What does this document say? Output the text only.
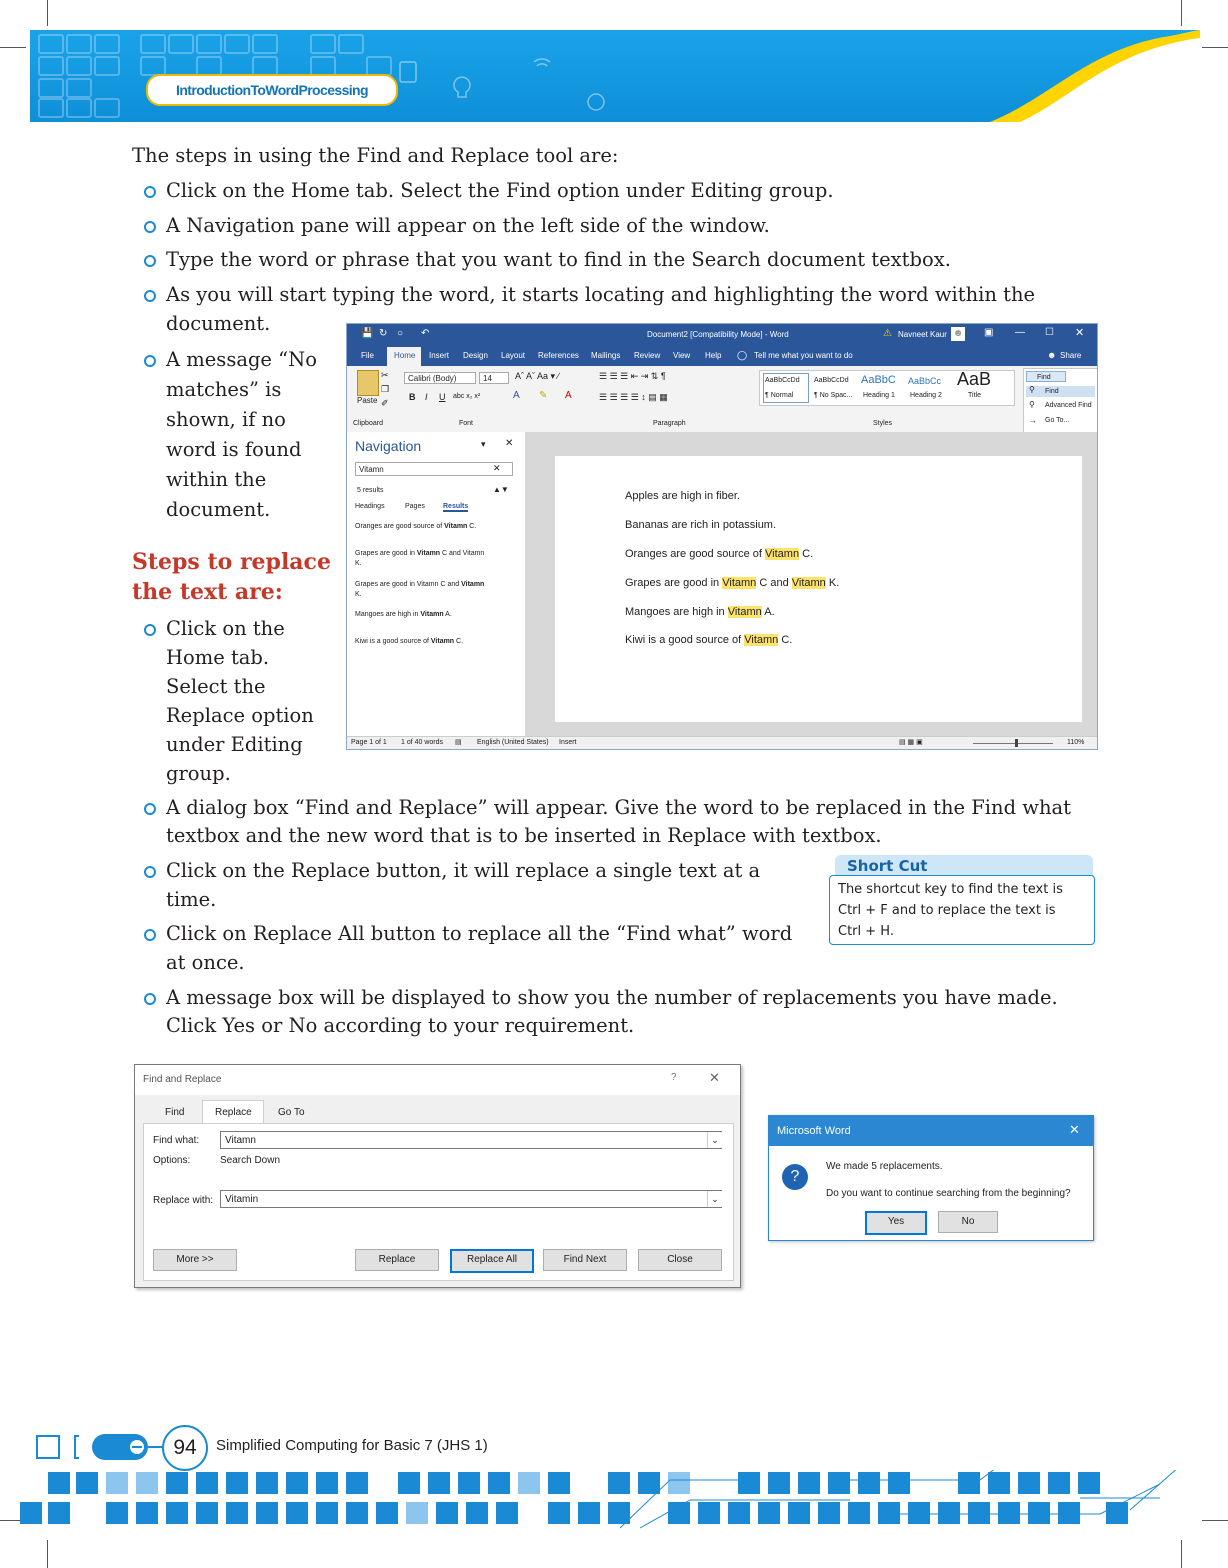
IntroductionToWordProcessing
The steps in using the Find and Replace tool are:
Click on the Home tab. Select the Find option under Editing group.
A Navigation pane will appear on the left side of the window.
Type the word or phrase that you want to find in the Search document textbox.
As you will start typing the word, it starts locating and highlighting the word within the
document.
A message “No
matches” is
shown, if no
word is found
within the
document.
Steps to replace
the text are:
Click on the
Home tab.
Select the
Replace option
under Editing
group.
A dialog box “Find and Replace” will appear. Give the word to be replaced in the Find what
textbox and the new word that is to be inserted in Replace with textbox.
Click on the Replace button, it will replace a single text at a
time.
Click on Replace All button to replace all the “Find what” word
at once.
A message box will be displayed to show you the number of replacements you have made.
Click Yes or No according to your requirement.
Short Cut
The shortcut key to find the text is
Ctrl + F and to replace the text is
Ctrl + H.
💾 ↻ ○ ↶	Document2 [Compatibility Mode] - Word	⚠ Navneet Kaur ☻ ▣ — ☐ ✕
File	Home Insert Design Layout References Mailings Review View Help ◯ Tell me what you want to do	☻ Share
Paste
✂
❐
✐
Calibri (Body)	14	Aˆ Aˇ Aa ▾ ∕
B I U abc x₂ x²	A ✎ A
☰ ☰ ☰ ⇤ ⇥ ⇅ ¶
☰ ☰ ☰ ☰ ↕ ▤ ▦
AaBbCcDd
¶ Normal
AaBbCcDd
¶ No Spac...
AaBbC
Heading 1
AaBbCc
Heading 2
AaB
Title
Clipboard	Font	Paragraph	Styles
Find
Find
⚲
⚲ Advanced Find
→ Go To...
Navigation	▾ ✕
Vitamn	✕
5 results	▲▼
Headings	Pages	Results
Oranges are good source of Vitamn C.
Grapes are good in Vitamn C and Vitamn K.
Grapes are good in Vitamn C and Vitamn K.
Mangoes are high in Vitamn A.
Kiwi is a good source of Vitamn C.
Apples are high in fiber.
Bananas are rich in potassium.
Oranges are good source of Vitamn C.
Grapes are good in Vitamn C and Vitamn K.
Mangoes are high in Vitamn A.
Kiwi is a good source of Vitamn C.
Page 1 of 1 1 of 40 words ▤ English (United States) Insert	▤ ▦ ▣	110%
Find and Replace	? ✕
Find	Replace	Go To
Find what:	Vitamn	⌄
Options:	Search Down
Replace with:	Vitamin	⌄
More >>	Replace	Replace All	Find Next	Close
Microsoft Word	✕
?
We made 5 replacements.
Do you want to continue searching from the beginning?
Yes	No
94	Simplified Computing for Basic 7 (JHS 1)
